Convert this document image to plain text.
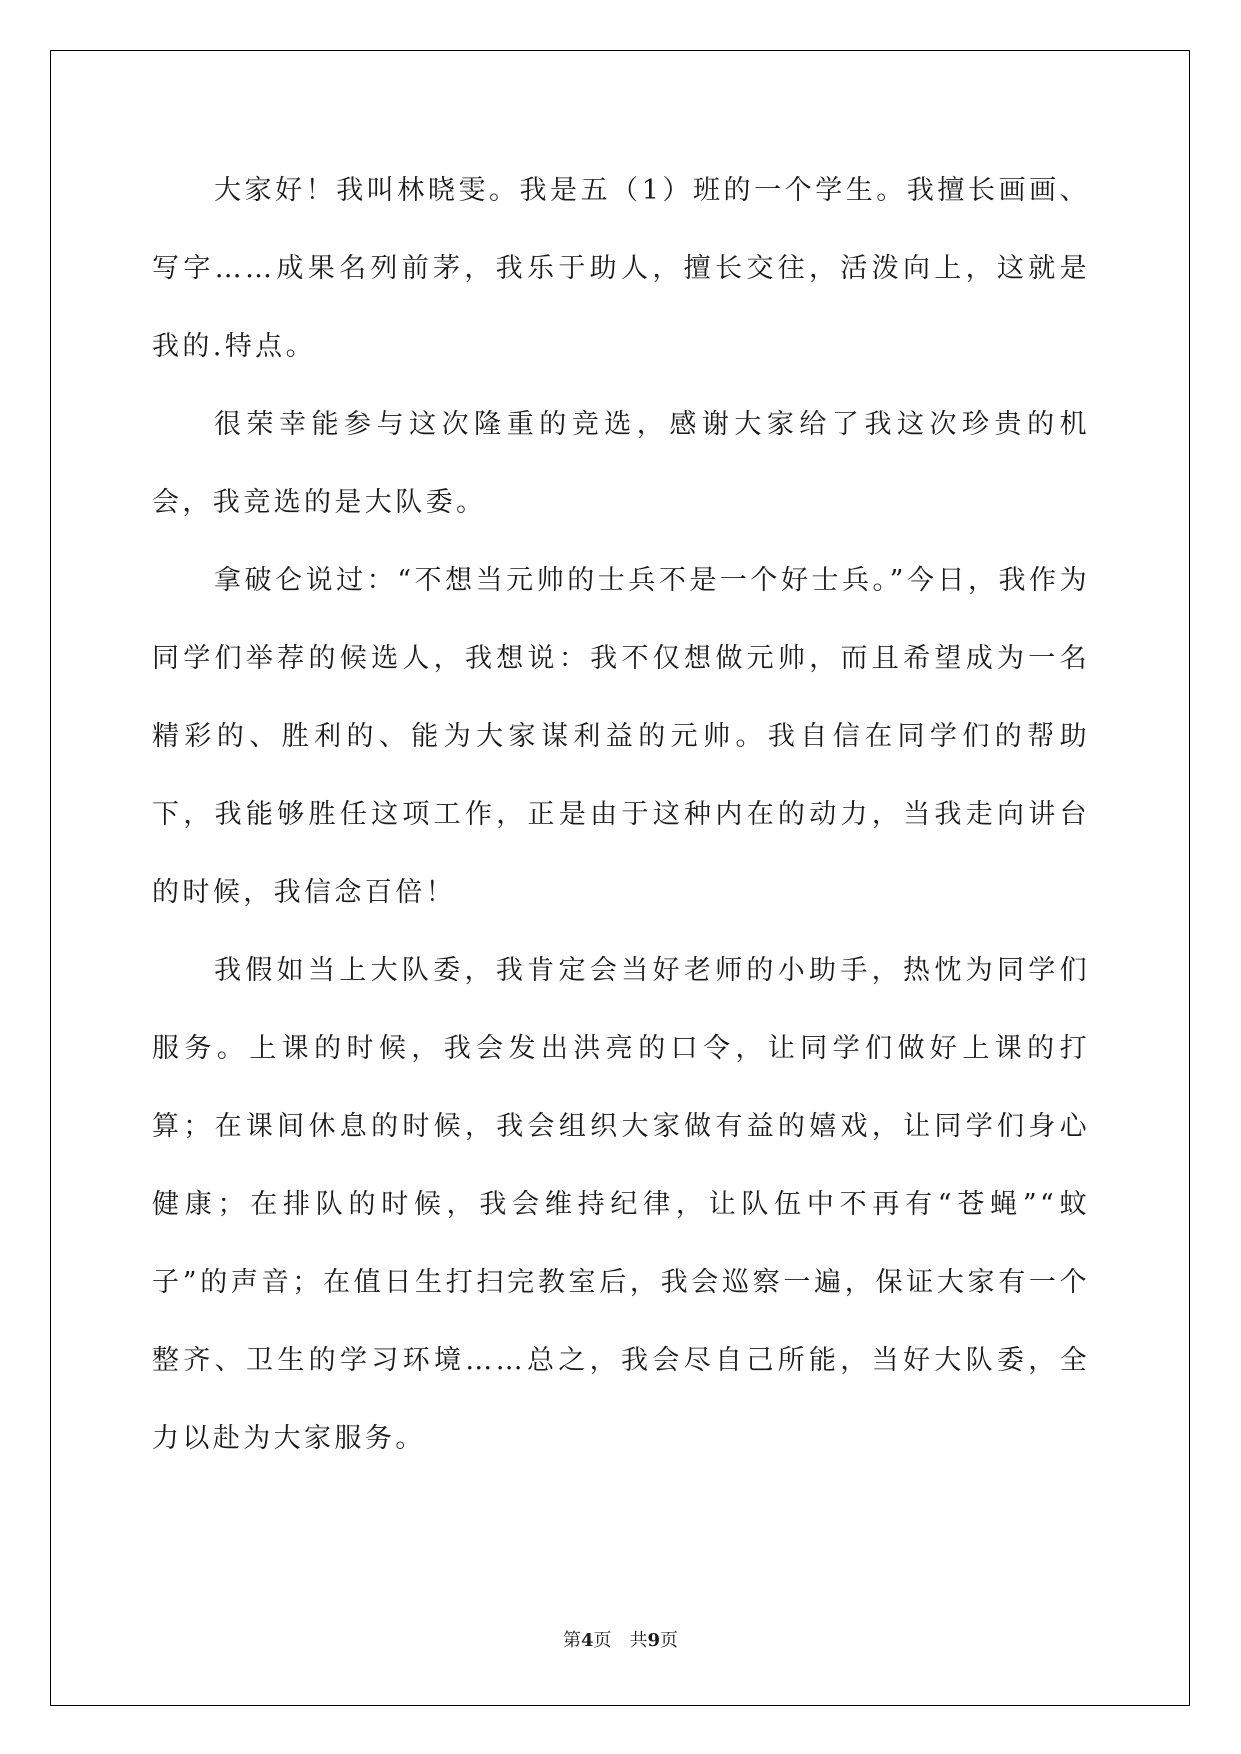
大家好！我叫林晓雯。我是五（1）班的一个学生。我擅长画画、写字……成果名列前茅，我乐于助人，擅长交往，活泼向上，这就是我的.特点。

很荣幸能参与这次隆重的竞选，感谢大家给了我这次珍贵的机会，我竞选的是大队委。

拿破仑说过：“不想当元帅的士兵不是一个好士兵。”今日，我作为同学们举荐的候选人，我想说：我不仅想做元帅，而且希望成为一名精彩的、胜利的、能为大家谋利益的元帅。我自信在同学们的帮助下，我能够胜任这项工作，正是由于这种内在的动力，当我走向讲台的时候，我信念百倍！

我假如当上大队委，我肯定会当好老师的小助手，热忱为同学们服务。上课的时候，我会发出洪亮的口令，让同学们做好上课的打算；在课间休息的时候，我会组织大家做有益的嬉戏，让同学们身心健康；在排队的时候，我会维持纪律，让队伍中不再有“苍蝇”“蚊子”的声音；在值日生打扫完教室后，我会巡察一遍，保证大家有一个整齐、卫生的学习环境……总之，我会尽自己所能，当好大队委，全力以赴为大家服务。

第4页 共9页
